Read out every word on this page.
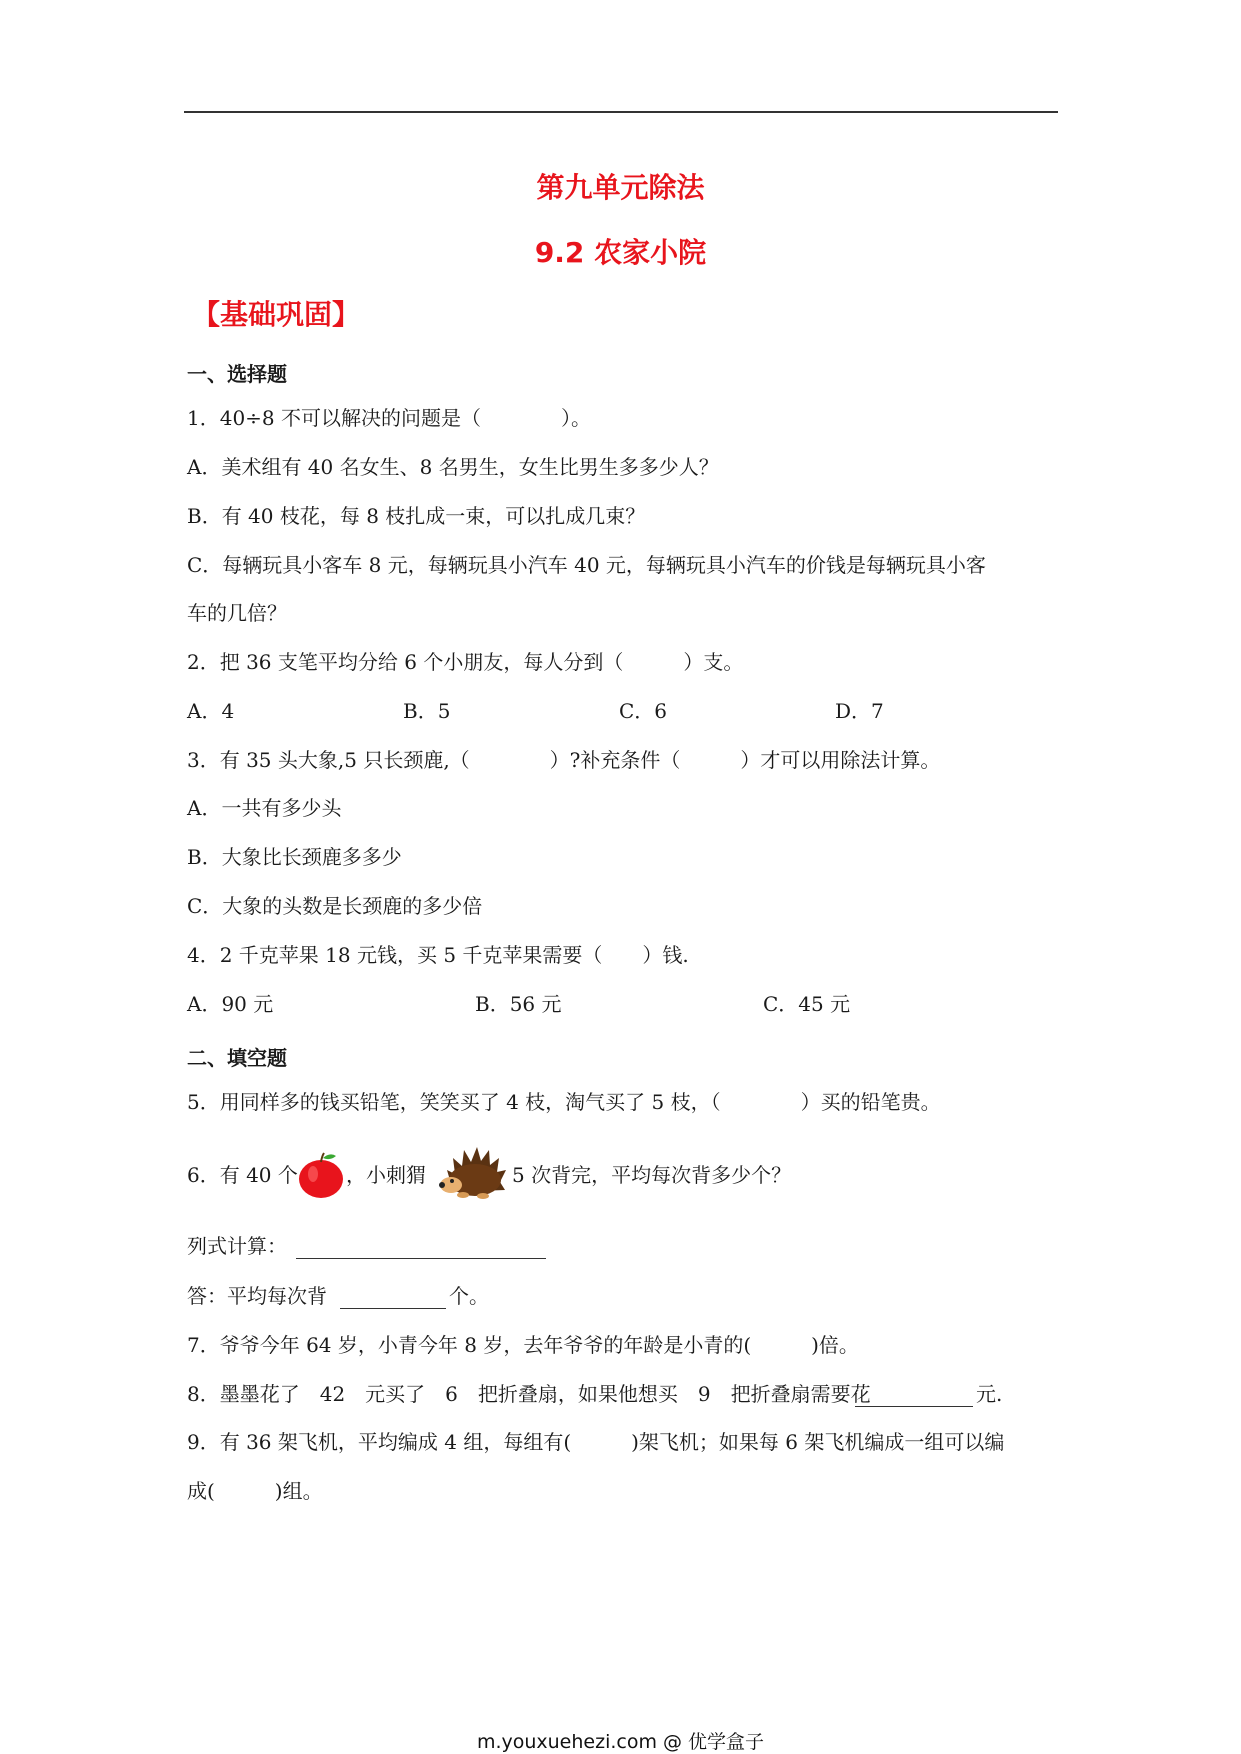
第九单元除法
9.2 农家小院
【基础巩固】
一、选择题
1．40÷8 不可以解决的问题是（　　　　）。
A．美术组有 40 名女生、8 名男生，女生比男生多多少人？
B．有 40 枝花，每 8 枝扎成一束，可以扎成几束？
C．每辆玩具小客车 8 元，每辆玩具小汽车 40 元，每辆玩具小汽车的价钱是每辆玩具小客
车的几倍？
2．把 36 支笔平均分给 6 个小朋友，每人分到（　　　）支。
A．4	B．5	C．6	D．7
3．有 35 头大象,5 只长颈鹿,（　　　　）?补充条件（　　　）才可以用除法计算。
A．一共有多少头
B．大象比长颈鹿多多少
C．大象的头数是长颈鹿的多少倍
4．2 千克苹果 18 元钱，买 5 千克苹果需要（　　）钱.
A．90 元	B．56 元	C．45 元
二、填空题
5．用同样多的钱买铅笔，笑笑买了 4 枝，淘气买了 5 枝，（　　　　）买的铅笔贵。
6．有 40 个 ，小刺猬	5 次背完，平均每次背多少个？
列式计算：
答：平均每次背	个。
7．爷爷今年 64 岁，小青今年 8 岁，去年爷爷的年龄是小青的(　　　)倍。
8．墨墨花了　42　元买了　6　把折叠扇，如果他想买　9　把折叠扇需要花	元.
9．有 36 架飞机，平均编成 4 组，每组有(　　　)架飞机；如果每 6 架飞机编成一组可以编
成(　　　)组。
m.youxuehezi.com @ 优学盒子
